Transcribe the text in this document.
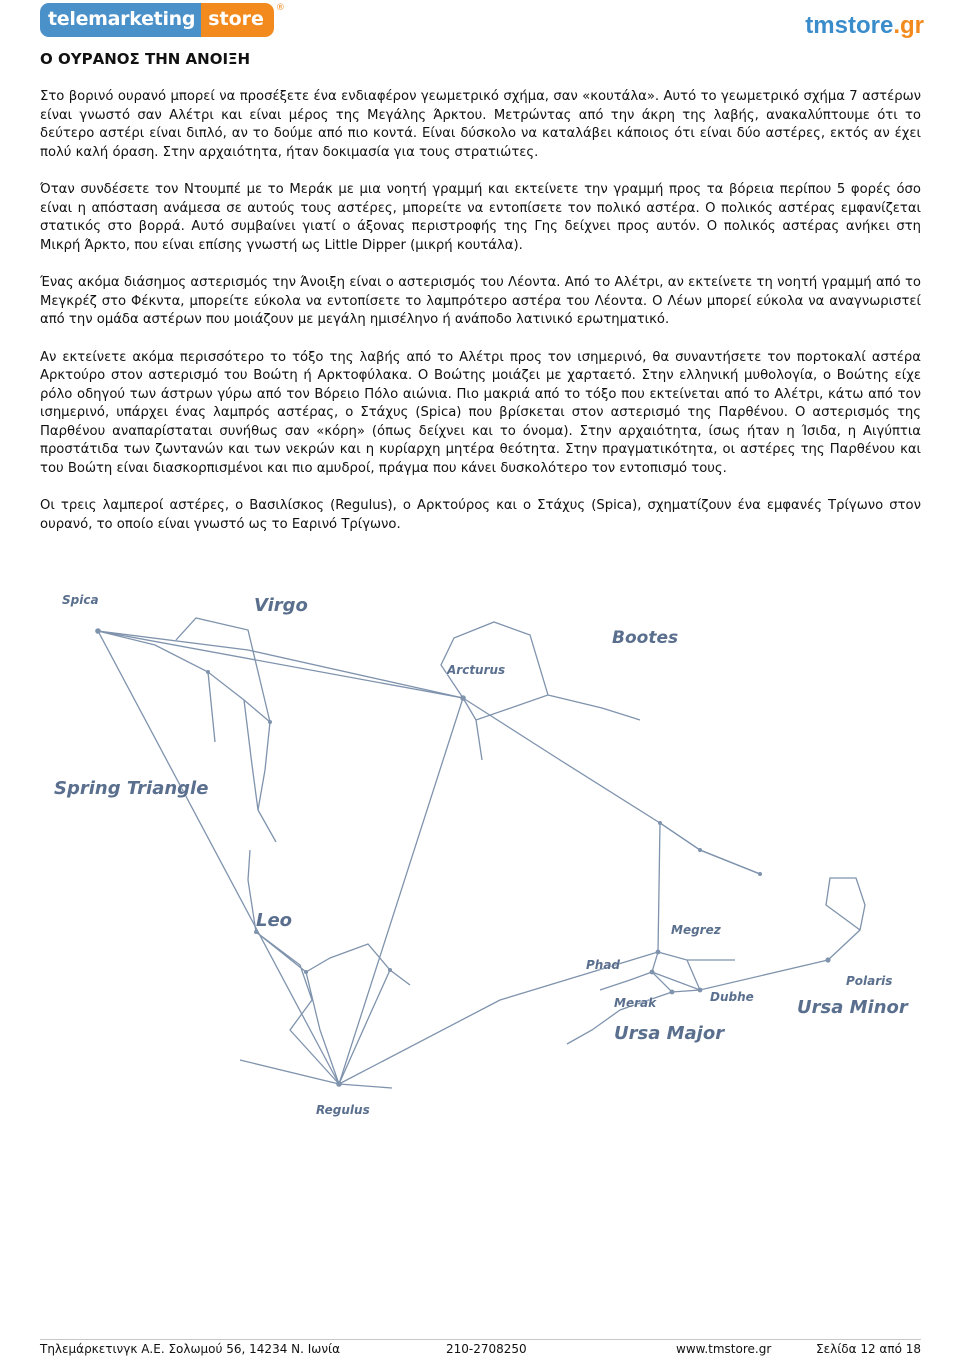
telemarketing store	®
tmstore.gr
Ο ΟΥΡΑΝΟΣ ΤΗΝ ΑΝΟΙΞΗ

Στο βορινό ουρανό μπορεί να προσέξετε ένα ενδιαφέρον γεωμετρικό σχήμα, σαν «κουτάλα». Αυτό το γεωμετρικό σχήμα 7 αστέρων είναι γνωστό σαν Αλέτρι και είναι μέρος της Μεγάλης Άρκτου. Μετρώντας από την άκρη της λαβής, ανακαλύπτουμε ότι το δεύτερο αστέρι είναι διπλό, αν το δούμε από πιο κοντά. Είναι δύσκολο να καταλάβει κάποιος ότι είναι δύο αστέρες, εκτός αν έχει πολύ καλή όραση. Στην αρχαιότητα, ήταν δοκιμασία για τους στρατιώτες.

Όταν συνδέσετε τον Ντουμπέ με το Μεράκ με μια νοητή γραμμή και εκτείνετε την γραμμή προς τα βόρεια περίπου 5 φορές όσο είναι η απόσταση ανάμεσα σε αυτούς τους αστέρες, μπορείτε να εντοπίσετε τον πολικό αστέρα. Ο πολικός αστέρας εμφανίζεται στατικός στο βορρά. Αυτό συμβαίνει γιατί ο άξονας περιστροφής της Γης δείχνει προς αυτόν. Ο πολικός αστέρας ανήκει στη Μικρή Άρκτο, που είναι επίσης γνωστή ως Little Dipper (μικρή κουτάλα).

Ένας ακόμα διάσημος αστερισμός την Άνοιξη είναι ο αστερισμός του Λέοντα. Από το Αλέτρι, αν εκτείνετε τη νοητή γραμμή από το Μεγκρέζ στο Φέκντα, μπορείτε εύκολα να εντοπίσετε το λαμπρότερο αστέρα του Λέοντα. Ο Λέων μπορεί εύκολα να αναγνωριστεί από την ομάδα αστέρων που μοιάζουν με μεγάλη ημισέληνο ή ανάποδο λατινικό ερωτηματικό.

Αν εκτείνετε ακόμα περισσότερο το τόξο της λαβής από το Αλέτρι προς τον ισημερινό, θα συναντήσετε τον πορτοκαλί αστέρα Αρκτούρο στον αστερισμό του Βοώτη ή Αρκτοφύλακα. Ο Βοώτης μοιάζει με χαρταετό. Στην ελληνική μυθολογία, ο Βοώτης είχε ρόλο οδηγού των άστρων γύρω από τον Βόρειο Πόλο αιώνια. Πιο μακριά από το τόξο που εκτείνεται από το Αλέτρι, κάτω από τον ισημερινό, υπάρχει ένας λαμπρός αστέρας, ο Στάχυς (Spica) που βρίσκεται στον αστερισμό της Παρθένου. Ο αστερισμός της Παρθένου αναπαρίσταται συνήθως σαν «κόρη» (όπως δείχνει και το όνομα). Στην αρχαιότητα, ίσως ήταν η Ίσιδα, η Αιγύπτια προστάτιδα των ζωντανών και των νεκρών και η κυρίαρχη μητέρα θεότητα. Στην πραγματικότητα, οι αστέρες της Παρθένου και του Βοώτη είναι διασκορπισμένοι και πιο αμυδροί, πράγμα που κάνει δυσκολότερο τον εντοπισμό τους.

Οι τρεις λαμπεροί αστέρες, ο Βασιλίσκος (Regulus), ο Αρκτούρος και ο Στάχυς (Spica), σχηματίζουν ένα εμφανές Τρίγωνο στον ουρανό, το οποίο είναι γνωστό ως το Εαρινό Τρίγωνο.

Spica	Virgo
Bootes
Arcturus
Spring Triangle
Leo	Megrez
Phad
Polaris
Merak	Dubhe Ursa Minor
Ursa Major
Regulus
Τηλεμάρκετινγκ Α.Ε. Σολωμού 56, 14234 Ν. Ιωνία	210-2708250	www.tmstore.gr	Σελίδα 12 από 18
